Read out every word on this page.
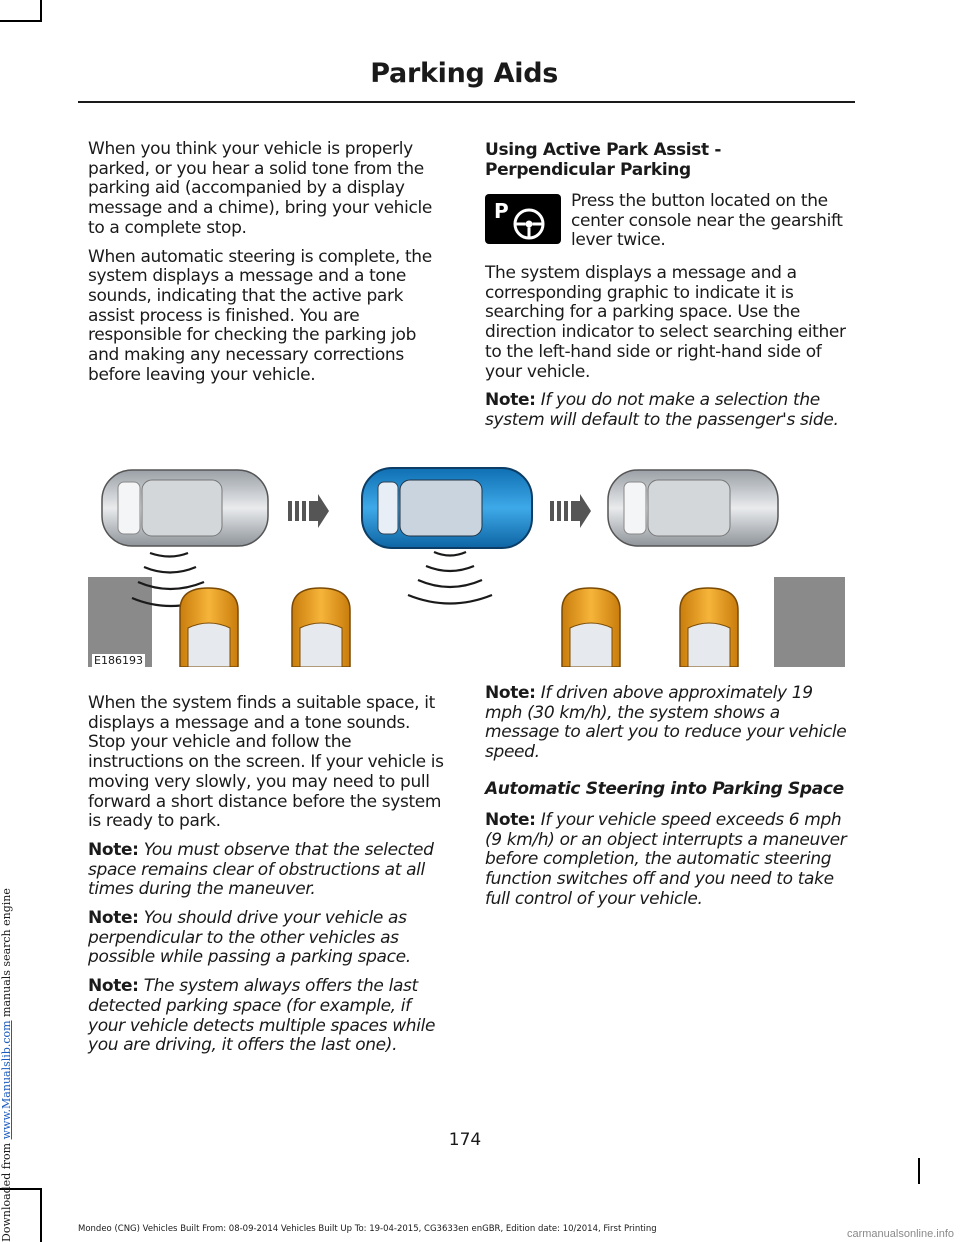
Parking Aids

When you think your vehicle is properly parked, or you hear a solid tone from the parking aid (accompanied by a display message and a chime), bring your vehicle to a complete stop.

When automatic steering is complete, the system displays a message and a tone sounds, indicating that the active park assist process is finished. You are responsible for checking the parking job and making any necessary corrections before leaving your vehicle.

Using Active Park Assist - Perpendicular Parking
P	Press the button located on the center console near the gearshift lever twice.

The system displays a message and a corresponding graphic to indicate it is searching for a parking space. Use the direction indicator to select searching either to the left-hand side or right-hand side of your vehicle.

Note: If you do not make a selection the system will default to the passenger's side.

E186193

When the system finds a suitable space, it displays a message and a tone sounds. Stop your vehicle and follow the instructions on the screen. If your vehicle is moving very slowly, you may need to pull forward a short distance before the system is ready to park.

Note: You must observe that the selected space remains clear of obstructions at all times during the maneuver.

Note: You should drive your vehicle as perpendicular to the other vehicles as possible while passing a parking space.

Note: The system always offers the last detected parking space (for example, if your vehicle detects multiple spaces while you are driving, it offers the last one).

Note: If driven above approximately 19 mph (30 km/h), the system shows a message to alert you to reduce your vehicle speed.

Automatic Steering into Parking Space

Note: If your vehicle speed exceeds 6 mph (9 km/h) or an object interrupts a maneuver before completion, the automatic steering function switches off and you need to take full control of your vehicle.

174
Mondeo (CNG) Vehicles Built From: 08-09-2014 Vehicles Built Up To: 19-04-2015, CG3633en enGBR, Edition date: 10/2014, First Printing
Downloaded from www.Manualslib.com manuals search engine
carmanualsonline.info
